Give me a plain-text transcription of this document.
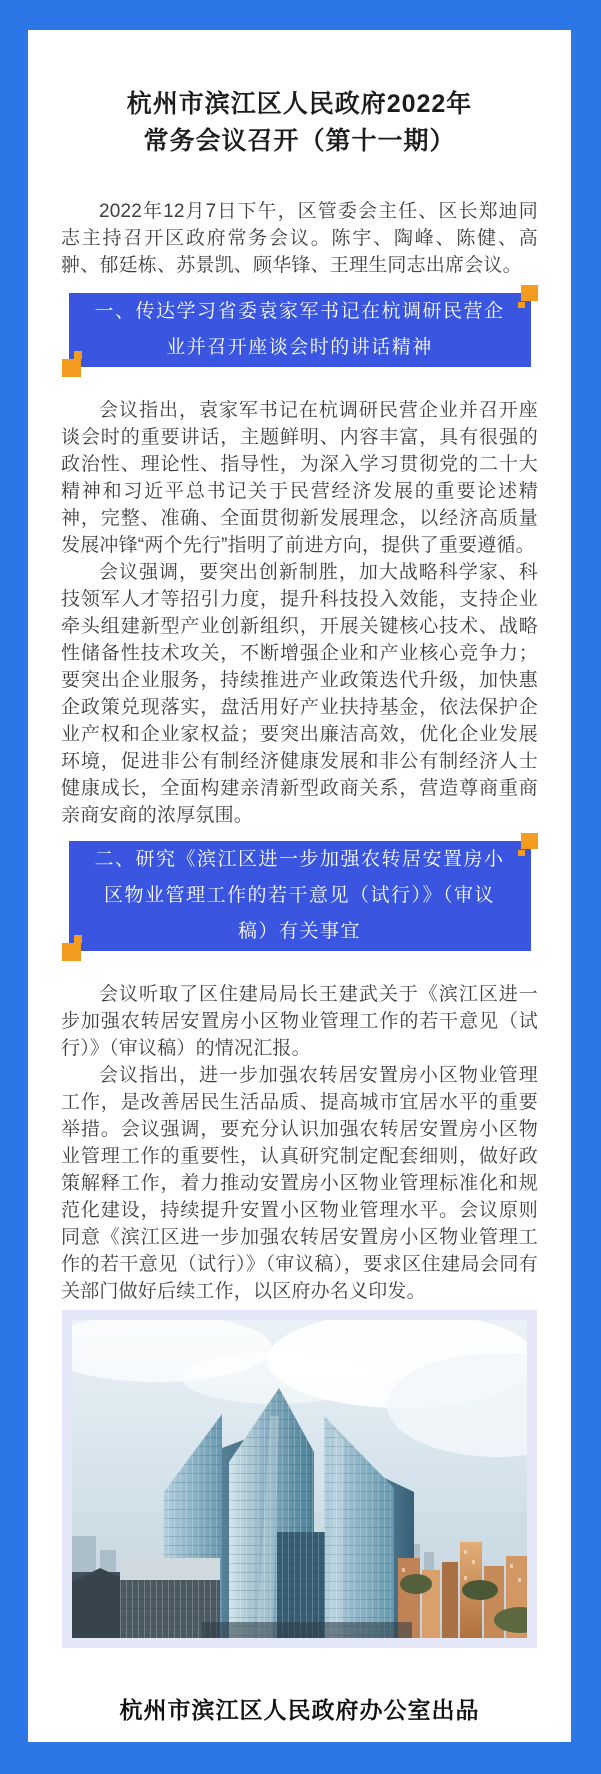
杭州市滨江区人民政府2022年
常务会议召开（第十一期）

2022年12月7日下午，区管委会主任、区长郑迪同志主持召开区政府常务会议。陈宇、陶峰、陈健、高翀、郁廷栋、苏景凯、顾华锋、王理生同志出席会议。

一、传达学习省委袁家军书记在杭调研民营企业并召开座谈会时的讲话精神

会议指出，袁家军书记在杭调研民营企业并召开座谈会时的重要讲话，主题鲜明、内容丰富，具有很强的政治性、理论性、指导性，为深入学习贯彻党的二十大精神和习近平总书记关于民营经济发展的重要论述精神，完整、准确、全面贯彻新发展理念，以经济高质量发展冲锋“两个先行”指明了前进方向，提供了重要遵循。

会议强调，要突出创新制胜，加大战略科学家、科技领军人才等招引力度，提升科技投入效能，支持企业牵头组建新型产业创新组织，开展关键核心技术、战略性储备性技术攻关，不断增强企业和产业核心竞争力；要突出企业服务，持续推进产业政策迭代升级，加快惠企政策兑现落实，盘活用好产业扶持基金，依法保护企业产权和企业家权益；要突出廉洁高效，优化企业发展环境，促进非公有制经济健康发展和非公有制经济人士健康成长，全面构建亲清新型政商关系，营造尊商重商亲商安商的浓厚氛围。

二、研究《滨江区进一步加强农转居安置房小区物业管理工作的若干意见（试行）》（审议稿）有关事宜

会议听取了区住建局局长王建武关于《滨江区进一步加强农转居安置房小区物业管理工作的若干意见（试行）》（审议稿）的情况汇报。

会议指出，进一步加强农转居安置房小区物业管理工作，是改善居民生活品质、提高城市宜居水平的重要举措。会议强调，要充分认识加强农转居安置房小区物业管理工作的重要性，认真研究制定配套细则，做好政策解释工作，着力推动安置房小区物业管理标准化和规范化建设，持续提升安置小区物业管理水平。会议原则同意《滨江区进一步加强农转居安置房小区物业管理工作的若干意见（试行）》（审议稿），要求区住建局会同有关部门做好后续工作，以区府办名义印发。

杭州市滨江区人民政府办公室出品
